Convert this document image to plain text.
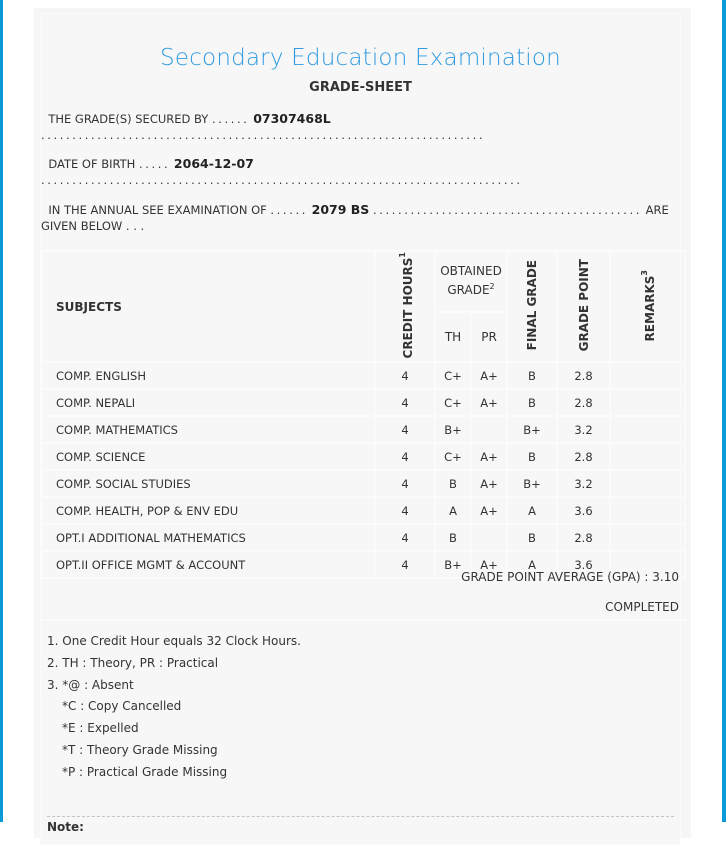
Secondary Education Examination
GRADE-SHEET
THE GRADE(S) SECURED BY ...... 07307468L .......................................................................
DATE OF BIRTH ..... 2064-12-07 .............................................................................
IN THE ANNUAL SEE EXAMINATION OF ...... 2079 BS ........................................... ARE GIVEN BELOW . . .
SUBJECTS	CREDIT HOURS$^1$	OBTAINED GRADE$^2$		FINAL GRADE	GRADE POINT	REMARKS$^3$
		TH	PR			
COMP. ENGLISH	4	C+	A+	B	2.8	
COMP. NEPALI	4	C+	A+	B	2.8	
COMP. MATHEMATICS	4	B+		B+	3.2	
COMP. SCIENCE	4	C+	A+	B	2.8	
COMP. SOCIAL STUDIES	4	B	A+	B+	3.2	
COMP. HEALTH, POP & ENV EDU	4	A	A+	A	3.6	
OPT.I ADDITIONAL MATHEMATICS	4	B		B	2.8	
OPT.II OFFICE MGMT & ACCOUNT	4	B+	A+	A	3.6	
GRADE POINT AVERAGE (GPA) : 3.10
COMPLETED
1. One Credit Hour equals 32 Clock Hours.
2. TH : Theory, PR : Practical
3. *@ : Absent
*C : Copy Cancelled
*E : Expelled
*T : Theory Grade Missing
*P : Practical Grade Missing
Note:
